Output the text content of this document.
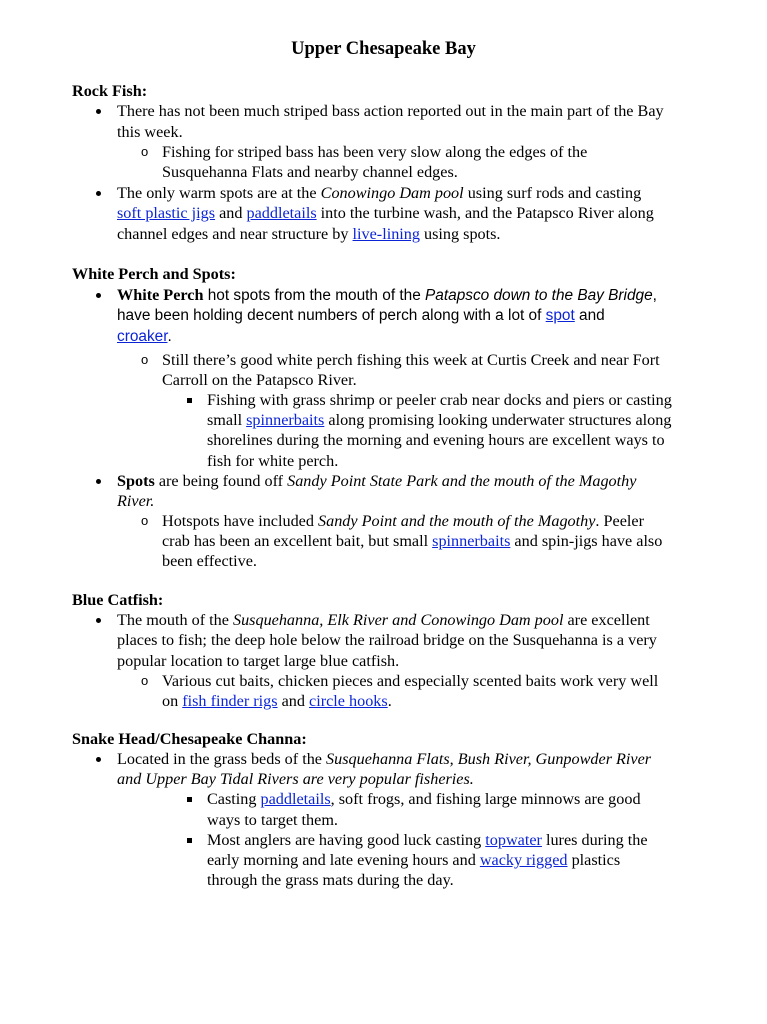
Upper Chesapeake Bay
Rock Fish:
There has not been much striped bass action reported out in the main part of the Bay
this week.
o Fishing for striped bass has been very slow along the edges of the
Susquehanna Flats and nearby channel edges.
The only warm spots are at the Conowingo Dam pool using surf rods and casting
soft plastic jigs and paddletails into the turbine wash, and the Patapsco River along
channel edges and near structure by live-lining using spots.
White Perch and Spots:
White Perch hot spots from the mouth of the Patapsco down to the Bay Bridge,
have been holding decent numbers of perch along with a lot of spot and
croaker.
o Still there’s good white perch fishing this week at Curtis Creek and near Fort
Carroll on the Patapsco River.
Fishing with grass shrimp or peeler crab near docks and piers or casting
small spinnerbaits along promising looking underwater structures along
shorelines during the morning and evening hours are excellent ways to
fish for white perch.
Spots are being found off Sandy Point State Park and the mouth of the Magothy
River.
o Hotspots have included Sandy Point and the mouth of the Magothy. Peeler
crab has been an excellent bait, but small spinnerbaits and spin-jigs have also
been effective.
Blue Catfish:
The mouth of the Susquehanna, Elk River and Conowingo Dam pool are excellent
places to fish; the deep hole below the railroad bridge on the Susquehanna is a very
popular location to target large blue catfish.
o Various cut baits, chicken pieces and especially scented baits work very well
on fish finder rigs and circle hooks.
Snake Head/Chesapeake Channa:
Located in the grass beds of the Susquehanna Flats, Bush River, Gunpowder River
and Upper Bay Tidal Rivers are very popular fisheries.
Casting paddletails, soft frogs, and fishing large minnows are good
ways to target them.
Most anglers are having good luck casting topwater lures during the
early morning and late evening hours and wacky rigged plastics
through the grass mats during the day.
